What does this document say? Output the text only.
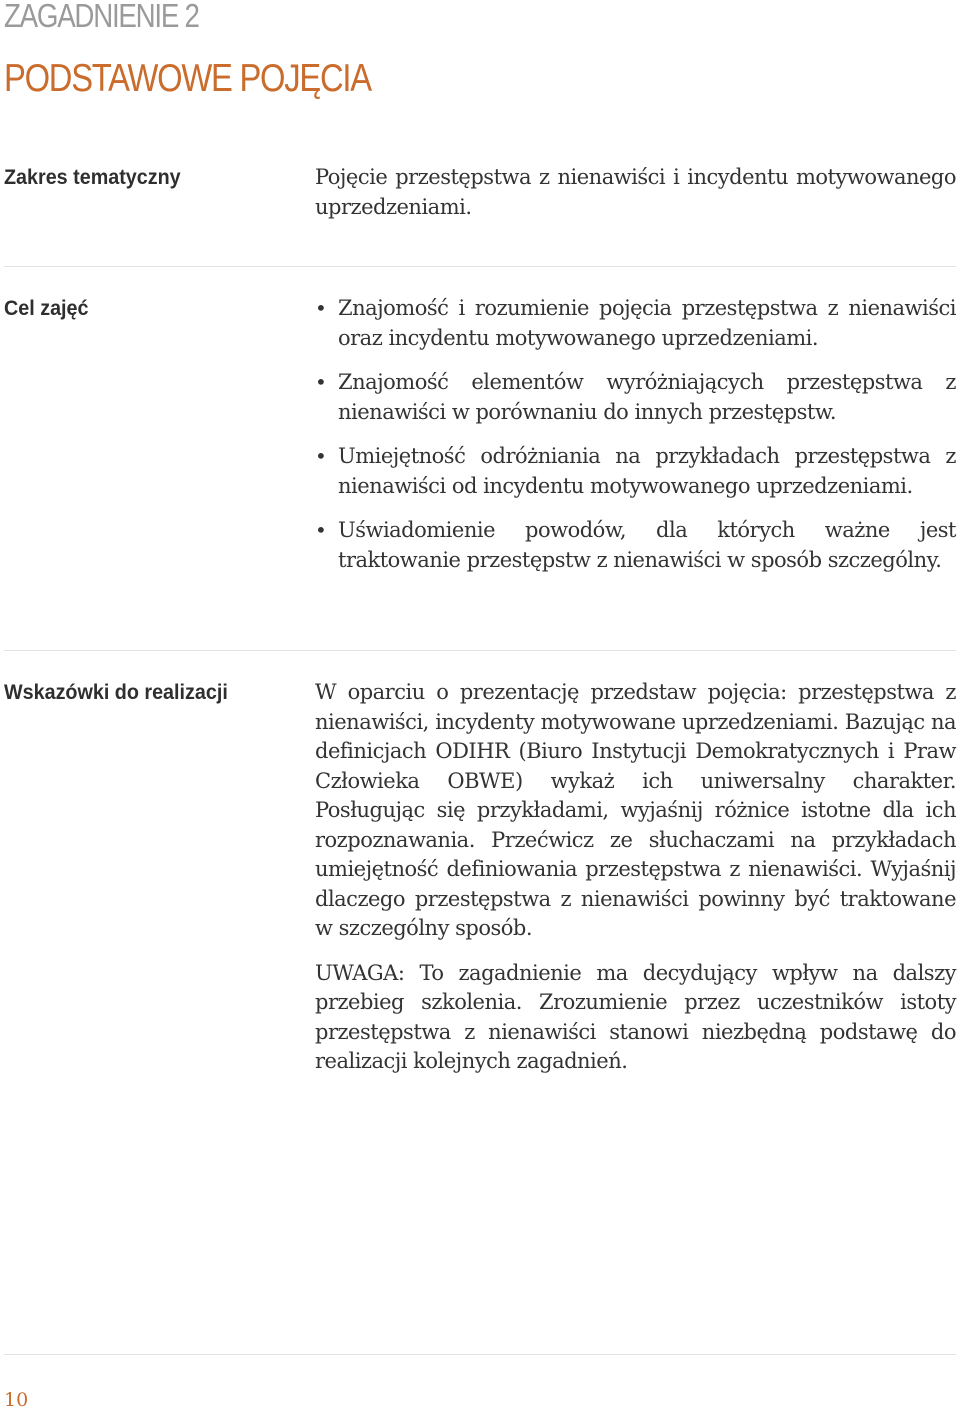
ZAGADNIENIE 2
PODSTAWOWE POJĘCIA
Zakres tematyczny	Pojęcie przestępstwa z nienawiści i incydentu motywowanego uprzedzeniami.

Cel zajęć	• Znajomość i rozumienie pojęcia przestępstwa z nienawiści oraz incydentu motywowanego uprzedzeniami.
• Znajomość elementów wyróżniających przestępstwa z nienawiści w porównaniu do innych przestępstw.
• Umiejętność odróżniania na przykładach przestępstwa z nienawiści od incydentu motywowanego uprzedzeniami.
• Uświadomienie powodów, dla których ważne jest traktowanie przestępstw z nienawiści w sposób szczególny.
Wskazówki do realizacji	W oparciu o prezentację przedstaw pojęcia: przestępstwa z nienawiści, incydenty motywowane uprzedzeniami. Bazując na definicjach ODIHR (Biuro Instytucji Demokratycznych i Praw Człowieka OBWE) wykaż ich uniwersalny charakter. Posługując się przykładami, wyjaśnij różnice istotne dla ich rozpoznawania. Przećwicz ze słuchaczami na przykładach umiejętność definiowania przestępstwa z nienawiści. Wyjaśnij dlaczego przestępstwa z nienawiści powinny być traktowane w szczególny sposób.

UWAGA: To zagadnienie ma decydujący wpływ na dalszy przebieg szkolenia. Zrozumienie przez uczestników istoty przestępstwa z nienawiści stanowi niezbędną podstawę do realizacji kolejnych zagadnień.

10
